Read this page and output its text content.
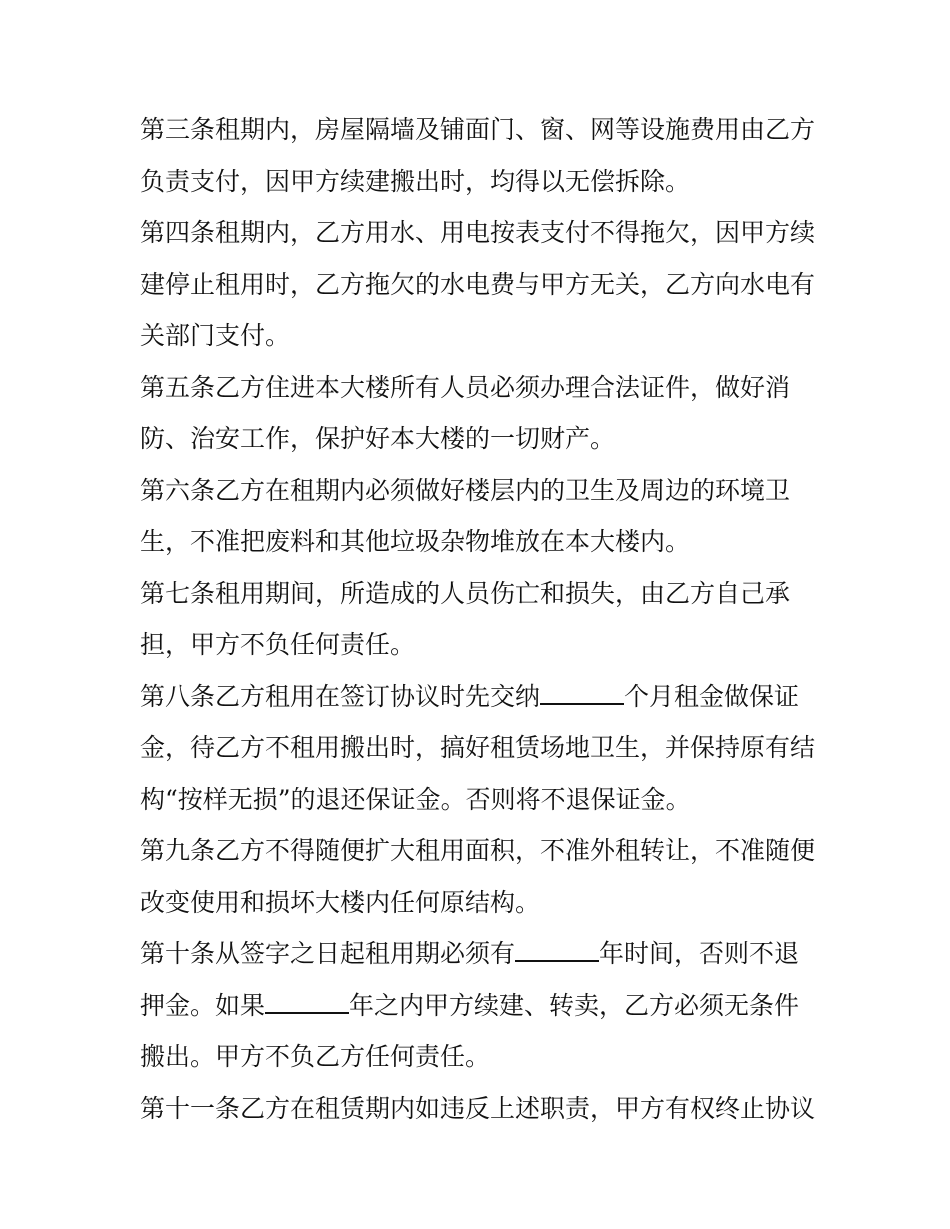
第三条租期内，房屋隔墙及铺面门、窗、网等设施费用由乙方负责支付，因甲方续建搬出时，均得以无偿拆除。

第四条租期内，乙方用水、用电按表支付不得拖欠，因甲方续建停止租用时，乙方拖欠的水电费与甲方无关，乙方向水电有关部门支付。

第五条乙方住进本大楼所有人员必须办理合法证件，做好消防、治安工作，保护好本大楼的一切财产。

第六条乙方在租期内必须做好楼层内的卫生及周边的环境卫生，不准把废料和其他垃圾杂物堆放在本大楼内。

第七条租用期间，所造成的人员伤亡和损失，由乙方自己承担，甲方不负任何责任。

第八条乙方租用在签订协议时先交纳	个月租金做保证金，待乙方不租用搬出时，搞好租赁场地卫生，并保持原有结构“按样无损”的退还保证金。否则将不退保证金。

第九条乙方不得随便扩大租用面积，不准外租转让，不准随便改变使用和损坏大楼内任何原结构。

第十条从签字之日起租用期必须有	年时间，否则不退押金。如果	年之内甲方续建、转卖，乙方必须无条件搬出。甲方不负乙方任何责任。

第十一条乙方在租赁期内如违反上述职责，甲方有权终止协议
